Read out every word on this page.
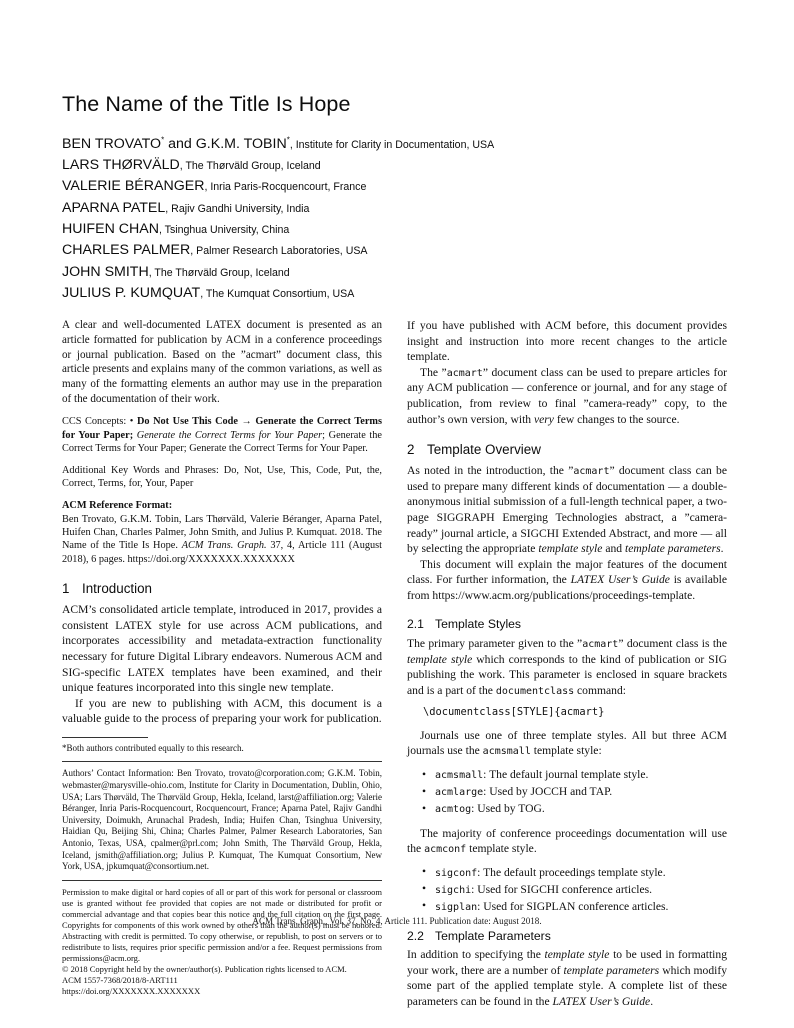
The Name of the Title Is Hope
BEN TROVATO* and G.K.M. TOBIN*, Institute for Clarity in Documentation, USA
LARS THØRVÄLD, The Thørväld Group, Iceland
VALERIE BÉRANGER, Inria Paris-Rocquencourt, France
APARNA PATEL, Rajiv Gandhi University, India
HUIFEN CHAN, Tsinghua University, China
CHARLES PALMER, Palmer Research Laboratories, USA
JOHN SMITH, The Thørväld Group, Iceland
JULIUS P. KUMQUAT, The Kumquat Consortium, USA

A clear and well-documented LATEX document is presented as an article formatted for publication by ACM in a conference proceedings or journal publication. Based on the ”acmart” document class, this article presents and explains many of the common variations, as well as many of the formatting elements an author may use in the preparation of the documentation of their work.

CCS Concepts: • Do Not Use This Code → Generate the Correct Terms for Your Paper; Generate the Correct Terms for Your Paper; Generate the Correct Terms for Your Paper; Generate the Correct Terms for Your Paper.

Additional Key Words and Phrases: Do, Not, Use, This, Code, Put, the, Correct, Terms, for, Your, Paper

ACM Reference Format:

Ben Trovato, G.K.M. Tobin, Lars Thørväld, Valerie Béranger, Aparna Patel, Huifen Chan, Charles Palmer, John Smith, and Julius P. Kumquat. 2018. The Name of the Title Is Hope. ACM Trans. Graph. 37, 4, Article 111 (August 2018), 6 pages. https://doi.org/XXXXXXX.XXXXXXX

1 Introduction

ACM’s consolidated article template, introduced in 2017, provides a consistent LATEX style for use across ACM publications, and incorporates accessibility and metadata-extraction functionality necessary for future Digital Library endeavors. Numerous ACM and SIG-specific LATEX templates have been examined, and their unique features incorporated into this single new template.

If you are new to publishing with ACM, this document is a valuable guide to the process of preparing your work for publication.

*Both authors contributed equally to this research.

Authors’ Contact Information: Ben Trovato, trovato@corporation.com; G.K.M. Tobin, webmaster@marysville-ohio.com, Institute for Clarity in Documentation, Dublin, Ohio, USA; Lars Thørväld, The Thørväld Group, Hekla, Iceland, larst@affiliation.org; Valerie Béranger, Inria Paris-Rocquencourt, Rocquencourt, France; Aparna Patel, Rajiv Gandhi University, Doimukh, Arunachal Pradesh, India; Huifen Chan, Tsinghua University, Haidian Qu, Beijing Shi, China; Charles Palmer, Palmer Research Laboratories, San Antonio, Texas, USA, cpalmer@prl.com; John Smith, The Thørväld Group, Hekla, Iceland, jsmith@affiliation.org; Julius P. Kumquat, The Kumquat Consortium, New York, USA, jpkumquat@consortium.net.

Permission to make digital or hard copies of all or part of this work for personal or classroom use is granted without fee provided that copies are not made or distributed for profit or commercial advantage and that copies bear this notice and the full citation on the first page. Copyrights for components of this work owned by others than the author(s) must be honored. Abstracting with credit is permitted. To copy otherwise, or republish, to post on servers or to redistribute to lists, requires prior specific permission and/or a fee. Request permissions from permissions@acm.org.

© 2018 Copyright held by the owner/author(s). Publication rights licensed to ACM.

ACM 1557-7368/2018/8-ART111

https://doi.org/XXXXXXX.XXXXXXX

If you have published with ACM before, this document provides insight and instruction into more recent changes to the article template.

The ”acmart” document class can be used to prepare articles for any ACM publication — conference or journal, and for any stage of publication, from review to final ”camera-ready” copy, to the author’s own version, with very few changes to the source.

2 Template Overview

As noted in the introduction, the ”acmart” document class can be used to prepare many different kinds of documentation — a double-anonymous initial submission of a full-length technical paper, a two-page SIGGRAPH Emerging Technologies abstract, a ”camera-ready” journal article, a SIGCHI Extended Abstract, and more — all by selecting the appropriate template style and template parameters.

This document will explain the major features of the document class. For further information, the LATEX User’s Guide is available from https://www.acm.org/publications/proceedings-template.

2.1 Template Styles

The primary parameter given to the ”acmart” document class is the template style which corresponds to the kind of publication or SIG publishing the work. This parameter is enclosed in square brackets and is a part of the documentclass command:

\documentclass[STYLE]{acmart}

Journals use one of three template styles. All but three ACM journals use the acmsmall template style:

• acmsmall: The default journal template style.
• acmlarge: Used by JOCCH and TAP.
• acmtog: Used by TOG.

The majority of conference proceedings documentation will use the acmconf template style.

• sigconf: The default proceedings template style.
• sigchi: Used for SIGCHI conference articles.
• sigplan: Used for SIGPLAN conference articles.
2.2 Template Parameters

In addition to specifying the template style to be used in formatting your work, there are a number of template parameters which modify some part of the applied template style. A complete list of these parameters can be found in the LATEX User’s Guide.

ACM Trans. Graph., Vol. 37, No. 4, Article 111. Publication date: August 2018.
